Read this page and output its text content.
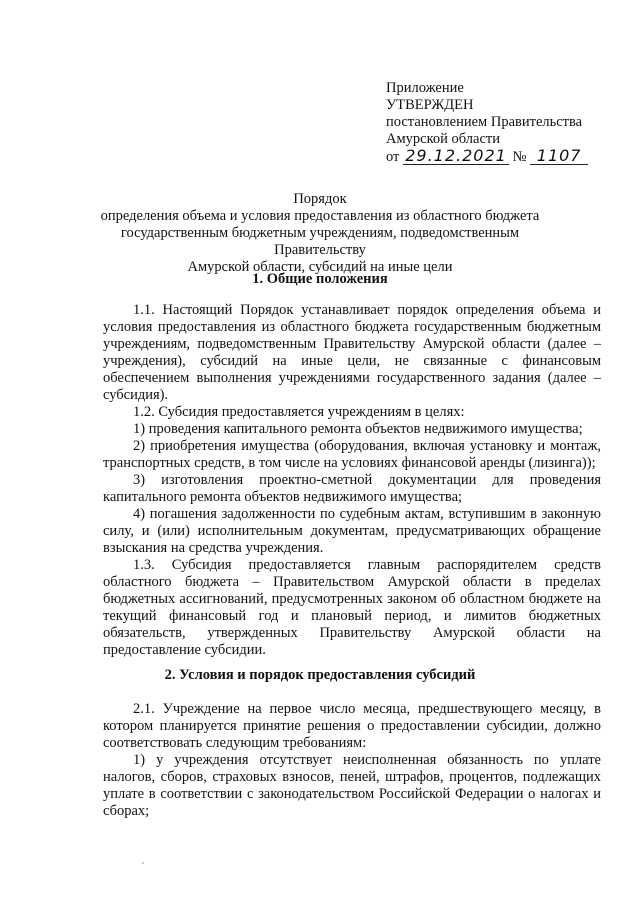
Приложение
УТВЕРЖДЕН
постановлением Правительства
Амурской области
от 29.12.2021 № 1107
Порядок
определения объема и условия предоставления из областного бюджета
государственным бюджетным учреждениям, подведомственным Правительству
Амурской области, субсидий на иные цели
1. Общие положения

1.1. Настоящий Порядок устанавливает порядок определения объема и условия предоставления из областного бюджета государственным бюджетным учреждениям, подведомственным Правительству Амурской области (далее – учреждения), субсидий на иные цели, не связанные с финансовым обеспечением выполнения учреждениями государственного задания (далее – субсидия).

1.2. Субсидия предоставляется учреждениям в целях:

1) проведения капитального ремонта объектов недвижимого имущества;

2) приобретения имущества (оборудования, включая установку и монтаж, транспортных средств, в том числе на условиях финансовой аренды (лизинга));

3) изготовления проектно-сметной документации для проведения капитального ремонта объектов недвижимого имущества;

4) погашения задолженности по судебным актам, вступившим в законную силу, и (или) исполнительным документам, предусматривающих обращение взыскания на средства учреждения.

1.3. Субсидия предоставляется главным распорядителем средств областного бюджета – Правительством Амурской области в пределах бюджетных ассигнований, предусмотренных законом об областном бюджете на текущий финансовый год и плановый период, и лимитов бюджетных обязательств, утвержденных Правительству Амурской области на предоставление субсидии.

2. Условия и порядок предоставления субсидий

2.1. Учреждение на первое число месяца, предшествующего месяцу, в котором планируется принятие решения о предоставлении субсидии, должно соответствовать следующим требованиям:

1) у учреждения отсутствует неисполненная обязанность по уплате налогов, сборов, страховых взносов, пеней, штрафов, процентов, подлежащих уплате в соответствии с законодательством Российской Федерации о налогах и сборах;
